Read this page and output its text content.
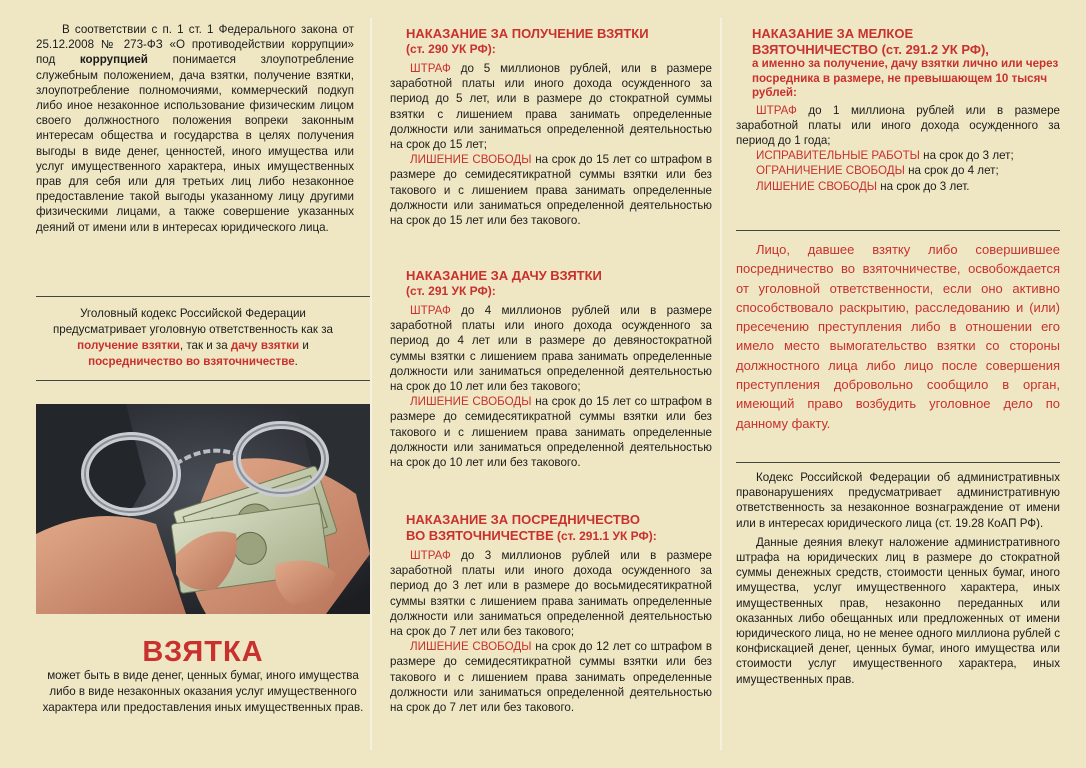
В соответствии с п. 1 ст. 1 Федерального закона от 25.12.2008 № 273-ФЗ «О противодействии коррупции» под коррупцией понимается злоупотребление служебным положением, дача взятки, получение взятки, злоупотребление полномочиями, коммерческий подкуп либо иное незаконное использование физическим лицом своего должностного положения вопреки законным интересам общества и государства в целях получения выгоды в виде денег, ценностей, иного имущества или услуг имущественного характера, иных имущественных прав для себя или для третьих лиц либо незаконное предоставление такой выгоды указанному лицу другими физическими лицами, а также совершение указанных деяний от имени или в интересах юридического лица.

Уголовный кодекс Российской Федерации предусматривает уголовную ответственность как за получение взятки, так и за дачу взятки и посредничество во взяточничестве.

ВЗЯТКА

может быть в виде денег, ценных бумаг, иного имущества либо в виде незаконных оказания услуг имущественного характера или предоставления иных имущественных прав.

НАКАЗАНИЕ ЗА ПОЛУЧЕНИЕ ВЗЯТКИ
(ст. 290 УК РФ):

ШТРАФ до 5 миллионов рублей, или в размере заработной платы или иного дохода осужденного за период до 5 лет, или в размере до стократной суммы взятки с лишением права занимать определенные должности или заниматься определенной деятельностью на срок до 15 лет;

ЛИШЕНИЕ СВОБОДЫ на срок до 15 лет со штрафом в размере до семидесятикратной суммы взятки или без такового и с лишением права занимать определенные должности или заниматься определенной деятельностью на срок до 15 лет или без такового.

НАКАЗАНИЕ ЗА ДАЧУ ВЗЯТКИ
(ст. 291 УК РФ):

ШТРАФ до 4 миллионов рублей или в размере заработной платы или иного дохода осужденного за период до 4 лет или в размере до девяностократной суммы взятки с лишением права занимать определенные должности или заниматься определенной деятельностью на срок до 10 лет или без такового;

ЛИШЕНИЕ СВОБОДЫ на срок до 15 лет со штрафом в размере до семидесятикратной суммы взятки или без такового и с лишением права занимать определенные должности или заниматься определенной деятельностью на срок до 10 лет или без такового.

НАКАЗАНИЕ ЗА ПОСРЕДНИЧЕСТВО
ВО ВЗЯТОЧНИЧЕСТВЕ (ст. 291.1 УК РФ):

ШТРАФ до 3 миллионов рублей или в размере заработной платы или иного дохода осужденного за период до 3 лет или в размере до восьмидесятикратной суммы взятки с лишением права занимать определенные должности или заниматься определенной деятельностью на срок до 7 лет или без такового;

ЛИШЕНИЕ СВОБОДЫ на срок до 12 лет со штрафом в размере до семидесятикратной суммы взятки или без такового и с лишением права занимать определенные должности или заниматься определенной деятельностью на срок до 7 лет или без такового.

НАКАЗАНИЕ ЗА МЕЛКОЕ
ВЗЯТОЧНИЧЕСТВО (ст. 291.2 УК РФ),

а именно за получение, дачу взятки лично или через посредника в размере, не превышающем 10 тысяч рублей:

ШТРАФ до 1 миллиона рублей или в размере заработной платы или иного дохода осужденного за период до 1 года;

ИСПРАВИТЕЛЬНЫЕ РАБОТЫ на срок до 3 лет;

ОГРАНИЧЕНИЕ СВОБОДЫ на срок до 4 лет;

ЛИШЕНИЕ СВОБОДЫ на срок до 3 лет.

Лицо, давшее взятку либо совершившее посредничество во взяточничестве, освобождается от уголовной ответственности, если оно активно способствовало раскрытию, расследованию и (или) пресечению преступления либо в отношении его имело место вымогательство взятки со стороны должностного лица либо лицо после совершения преступления добровольно сообщило в орган, имеющий право возбудить уголовное дело по данному факту.

Кодекс Российской Федерации об административных правонарушениях предусматривает административную ответственность за незаконное вознаграждение от имени или в интересах юридического лица (ст. 19.28 КоАП РФ).

Данные деяния влекут наложение административного штрафа на юридических лиц в размере до стократной суммы денежных средств, стоимости ценных бумаг, иного имущества, услуг имущественного характера, иных имущественных прав, незаконно переданных или оказанных либо обещанных или предложенных от имени юридического лица, но не менее одного миллиона рублей с конфискацией денег, ценных бумаг, иного имущества или стоимости услуг имущественного характера, иных имущественных прав.
